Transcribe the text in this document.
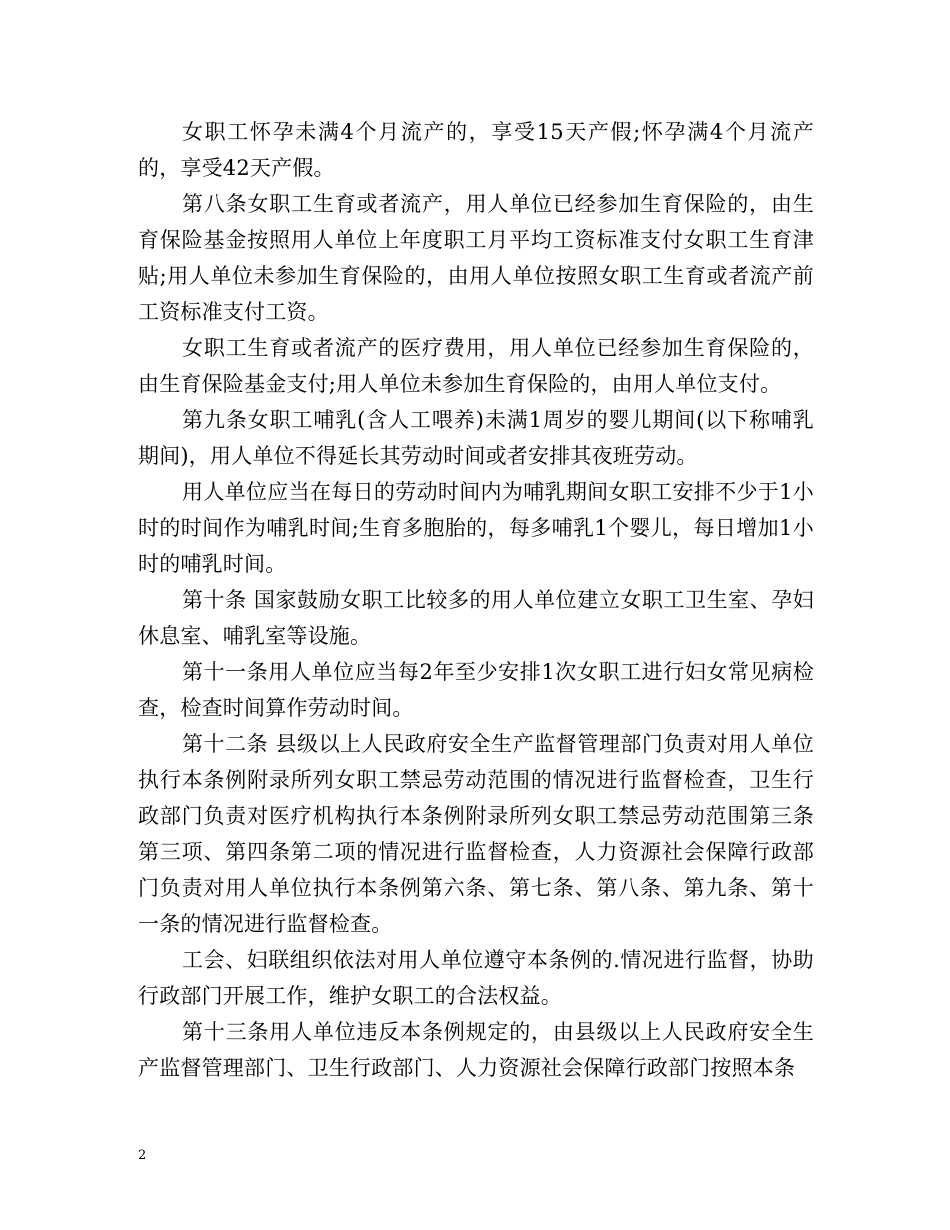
女职工怀孕未满4个月流产的，享受15天产假;怀孕满4个月流产的，享受42天产假。

第八条女职工生育或者流产，用人单位已经参加生育保险的，由生育保险基金按照用人单位上年度职工月平均工资标准支付女职工生育津贴;用人单位未参加生育保险的，由用人单位按照女职工生育或者流产前工资标准支付工资。

女职工生育或者流产的医疗费用，用人单位已经参加生育保险的，由生育保险基金支付;用人单位未参加生育保险的，由用人单位支付。

第九条女职工哺乳(含人工喂养)未满1周岁的婴儿期间(以下称哺乳期间)，用人单位不得延长其劳动时间或者安排其夜班劳动。

用人单位应当在每日的劳动时间内为哺乳期间女职工安排不少于1小时的时间作为哺乳时间;生育多胞胎的，每多哺乳1个婴儿，每日增加1小时的哺乳时间。

第十条 国家鼓励女职工比较多的用人单位建立女职工卫生室、孕妇休息室、哺乳室等设施。

第十一条用人单位应当每2年至少安排1次女职工进行妇女常见病检查，检查时间算作劳动时间。

第十二条 县级以上人民政府安全生产监督管理部门负责对用人单位执行本条例附录所列女职工禁忌劳动范围的情况进行监督检查，卫生行政部门负责对医疗机构执行本条例附录所列女职工禁忌劳动范围第三条第三项、第四条第二项的情况进行监督检查，人力资源社会保障行政部门负责对用人单位执行本条例第六条、第七条、第八条、第九条、第十一条的情况进行监督检查。

工会、妇联组织依法对用人单位遵守本条例的.情况进行监督，协助行政部门开展工作，维护女职工的合法权益。

第十三条用人单位违反本条例规定的，由县级以上人民政府安全生产监督管理部门、卫生行政部门、人力资源社会保障行政部门按照本条

2
